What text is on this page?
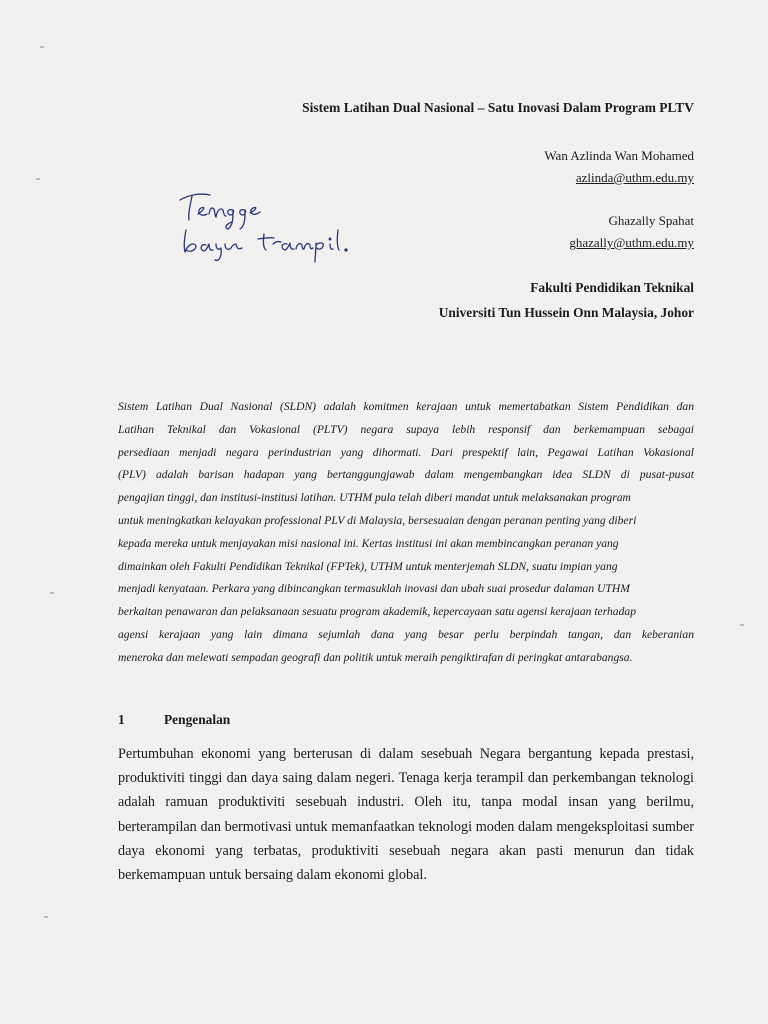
Sistem Latihan Dual Nasional – Satu Inovasi Dalam Program PLTV
Wan Azlinda Wan Mohamed
azlinda@uthm.edu.my
Ghazally Spahat
ghazally@uthm.edu.my
Fakulti Pendidikan Teknikal
Universiti Tun Hussein Onn Malaysia, Johor
Sistem Latihan Dual Nasional (SLDN) adalah komitmen kerajaan untuk memertabatkan Sistem Pendidikan dan
Latihan Teknikal dan Vokasional (PLTV) negara supaya lebih responsif dan berkemampuan sebagai
persediaan menjadi negara perindustrian yang dihormati. Dari prespektif lain, Pegawai Latihan Vokasional
(PLV) adalah barisan hadapan yang bertanggungjawab dalam mengembangkan idea SLDN di pusat-pusat
pengajian tinggi, dan institusi-institusi latihan. UTHM pula telah diberi mandat untuk melaksanakan program
untuk meningkatkan kelayakan professional PLV di Malaysia, bersesuaian dengan peranan penting yang diberi
kepada mereka untuk menjayakan misi nasional ini. Kertas institusi ini akan membincangkan peranan yang
dimainkan oleh Fakulti Pendidikan Teknikal (FPTek), UTHM untuk menterjemah SLDN, suatu impian yang
menjadi kenyataan. Perkara yang dibincangkan termasuklah inovasi dan ubah suai prosedur dalaman UTHM
berkaitan penawaran dan pelaksanaan sesuatu program akademik, kepercayaan satu agensi kerajaan terhadap
agensi kerajaan yang lain dimana sejumlah dana yang besar perlu berpindah tangan, dan keberanian
meneroka dan melewati sempadan geografi dan politik untuk meraih pengiktirafan di peringkat antarabangsa.
1	Pengenalan
Pertumbuhan ekonomi yang berterusan di dalam sesebuah Negara bergantung kepada prestasi,
produktiviti tinggi dan daya saing dalam negeri. Tenaga kerja terampil dan perkembangan teknologi
adalah ramuan produktiviti sesebuah industri. Oleh itu, tanpa modal insan yang berilmu,
berterampilan dan bermotivasi untuk memanfaatkan teknologi moden dalam mengeksploitasi sumber
daya ekonomi yang terbatas, produktiviti sesebuah negara akan pasti menurun dan tidak
berkemampuan untuk bersaing dalam ekonomi global.
